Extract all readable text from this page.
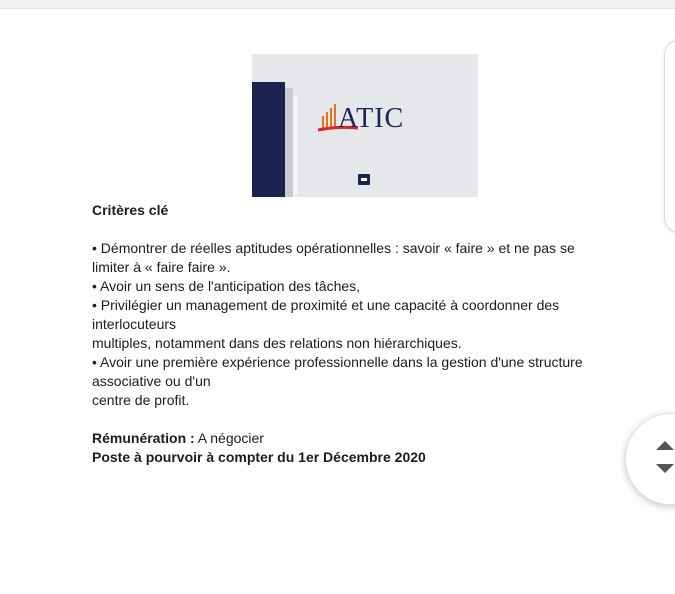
ATIC
Critères clé
• Démontrer de réelles aptitudes opérationnelles : savoir « faire » et ne pas se
limiter à « faire faire ».
• Avoir un sens de l'anticipation des tâches,
• Privilégier un management de proximité et une capacité à coordonner des
interlocuteurs
multiples, notamment dans des relations non hiérarchiques.
• Avoir une première expérience professionnelle dans la gestion d'une structure
associative ou d'un
centre de profit.
Rémunération : A négocier
Poste à pourvoir à compter du 1er Décembre 2020
